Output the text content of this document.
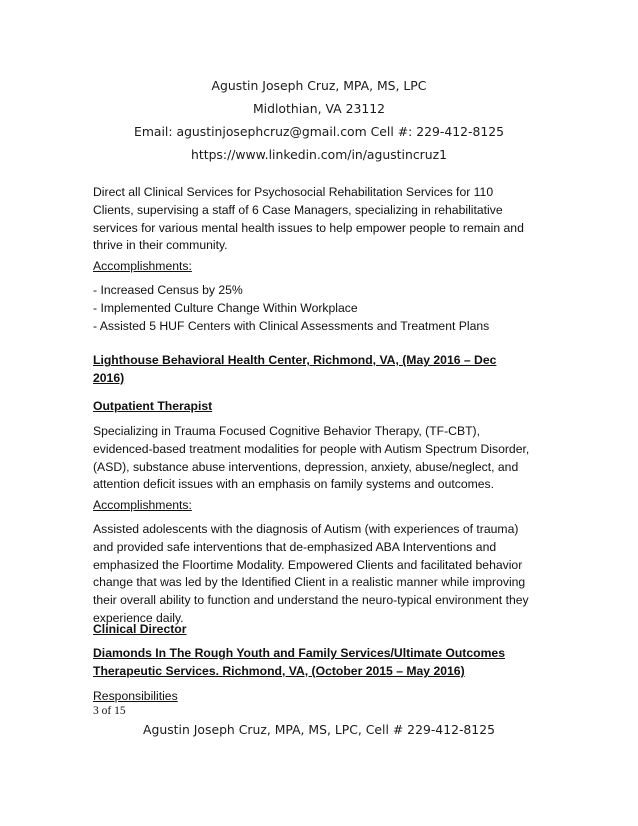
Agustin Joseph Cruz, MPA, MS, LPC
Midlothian, VA 23112
Email: agustinjosephcruz@gmail.com Cell #: 229-412-8125
https://www.linkedin.com/in/agustincruz1

Direct all Clinical Services for Psychosocial Rehabilitation Services for 110

Clients, supervising a staff of 6 Case Managers, specializing in rehabilitative

services for various mental health issues to help empower people to remain and

thrive in their community.

Accomplishments:

- Increased Census by 25%

- Implemented Culture Change Within Workplace

- Assisted 5 HUF Centers with Clinical Assessments and Treatment Plans

Lighthouse Behavioral Health Center, Richmond, VA, (May 2016 – Dec

2016)

Outpatient Therapist

Specializing in Trauma Focused Cognitive Behavior Therapy, (TF-CBT),

evidenced-based treatment modalities for people with Autism Spectrum Disorder,

(ASD), substance abuse interventions, depression, anxiety, abuse/neglect, and

attention deficit issues with an emphasis on family systems and outcomes.

Accomplishments:

Assisted adolescents with the diagnosis of Autism (with experiences of trauma)

and provided safe interventions that de-emphasized ABA Interventions and

emphasized the Floortime Modality. Empowered Clients and facilitated behavior

change that was led by the Identified Client in a realistic manner while improving

their overall ability to function and understand the neuro-typical environment they

experience daily.

Clinical Director

Diamonds In The Rough Youth and Family Services/Ultimate Outcomes

Therapeutic Services. Richmond, VA, (October 2015 – May 2016)

Responsibilities
3 of 15
Agustin Joseph Cruz, MPA, MS, LPC, Cell # 229-412-8125
